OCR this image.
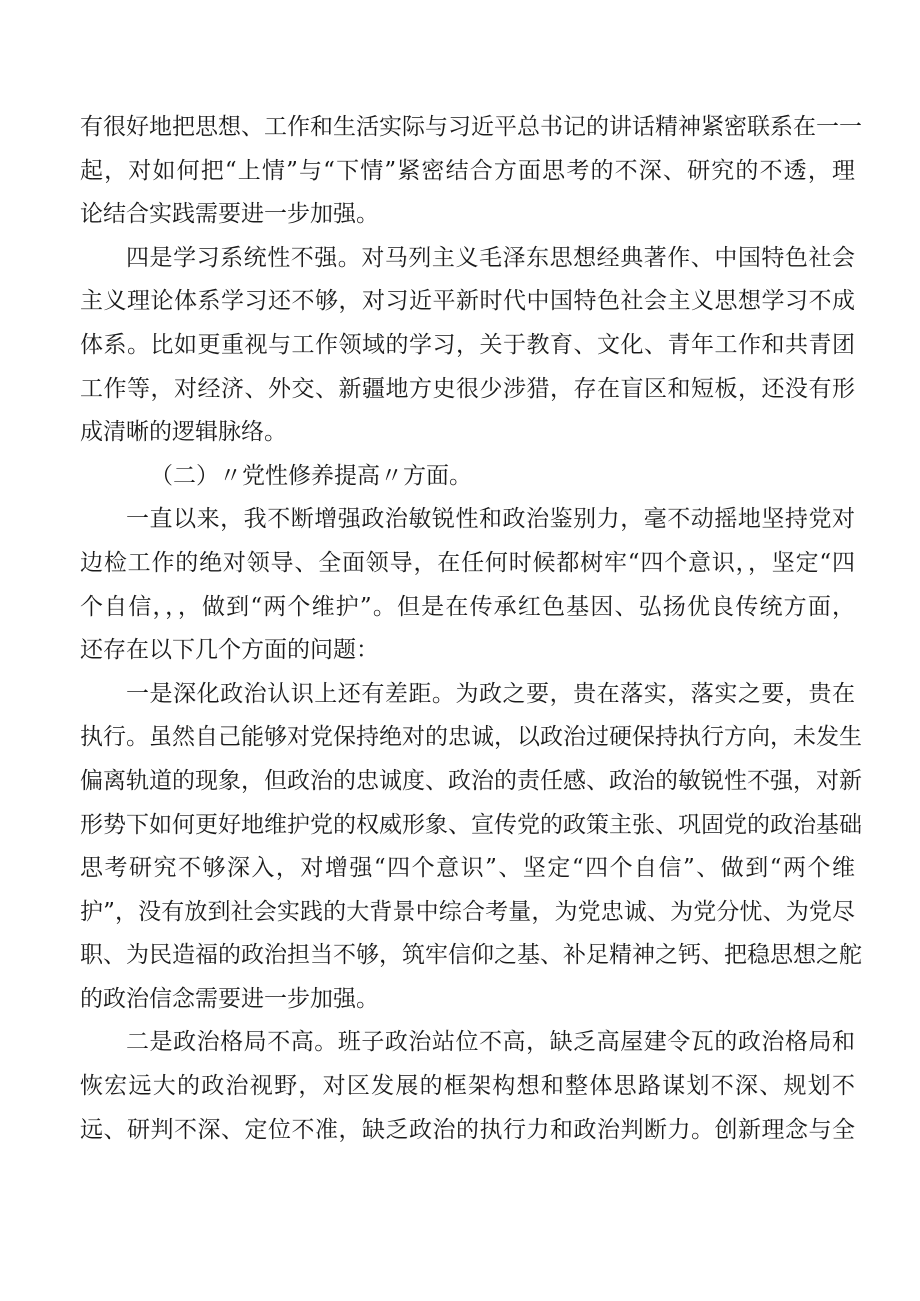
有很好地把思想、工作和生活实际与习近平总书记的讲话精神紧密联系在一一
起，对如何把“上情”与“下情”紧密结合方面思考的不深、研究的不透，理
论结合实践需要进一步加强。
四是学习系统性不强。对马列主义毛泽东思想经典著作、中国特色社会
主义理论体系学习还不够，对习近平新时代中国特色社会主义思想学习不成
体系。比如更重视与工作领域的学习，关于教育、文化、青年工作和共青团
工作等，对经济、外交、新疆地方史很少涉猎，存在盲区和短板，还没有形
成清晰的逻辑脉络。
（二）〃党性修养提高〃方面。
一直以来，我不断增强政治敏锐性和政治鉴别力，毫不动摇地坚持党对
边检工作的绝对领导、全面领导，在任何时候都树牢“四个意识，，坚定“四
个自信，，，做到“两个维护”。但是在传承红色基因、弘扬优良传统方面，
还存在以下几个方面的问题：
一是深化政治认识上还有差距。为政之要，贵在落实，落实之要，贵在
执行。虽然自己能够对党保持绝对的忠诚，以政治过硬保持执行方向，未发生
偏离轨道的现象，但政治的忠诚度、政治的责任感、政治的敏锐性不强，对新
形势下如何更好地维护党的权威形象、宣传党的政策主张、巩固党的政治基础
思考研究不够深入，对增强“四个意识”、坚定“四个自信”、做到“两个维
护”，没有放到社会实践的大背景中综合考量，为党忠诚、为党分忧、为党尽
职、为民造福的政治担当不够，筑牢信仰之基、补足精神之钙、把稳思想之舵
的政治信念需要进一步加强。
二是政治格局不高。班子政治站位不高，缺乏高屋建令瓦的政治格局和
恢宏远大的政治视野，对区发展的框架构想和整体思路谋划不深、规划不
远、研判不深、定位不准，缺乏政治的执行力和政治判断力。创新理念与全
